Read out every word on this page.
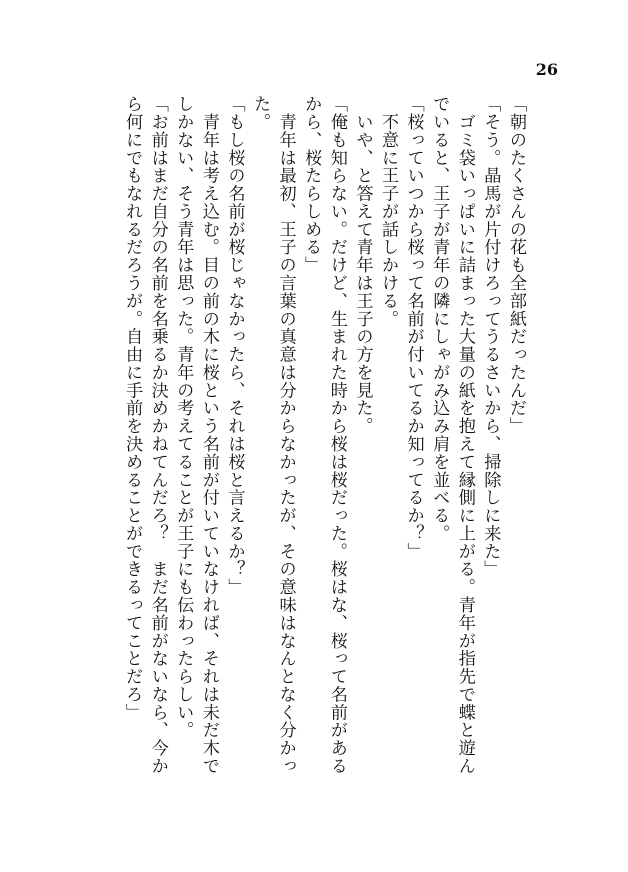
26
「朝のたくさんの花も全部紙だったんだ」
「そう。晶馬が片付けろってうるさいから、掃除しに来た」
　ゴミ袋いっぱいに詰まった大量の紙を抱えて縁側に上がる。青年が指先で蝶と遊ん
でいると、王子が青年の隣にしゃがみ込み肩を並べる。
「桜っていつから桜って名前が付いてるか知ってるか？」
　不意に王子が話しかける。
　いや、と答えて青年は王子の方を見た。
「俺も知らない。だけど、生まれた時から桜は桜だった。桜はな、桜って名前がある
から、桜たらしめる」
　青年は最初、王子の言葉の真意は分からなかったが、その意味はなんとなく分かっ
た。
「もし桜の名前が桜じゃなかったら、それは桜と言えるか？」
　青年は考え込む。目の前の木に桜という名前が付いていなければ、それは未だ木で
しかない、そう青年は思った。青年の考えてることが王子にも伝わったらしい。
「お前はまだ自分の名前を名乗るか決めかねてんだろ？　まだ名前がないなら、今か
ら何にでもなれるだろうが。自由に手前を決めることができるってことだろ」
